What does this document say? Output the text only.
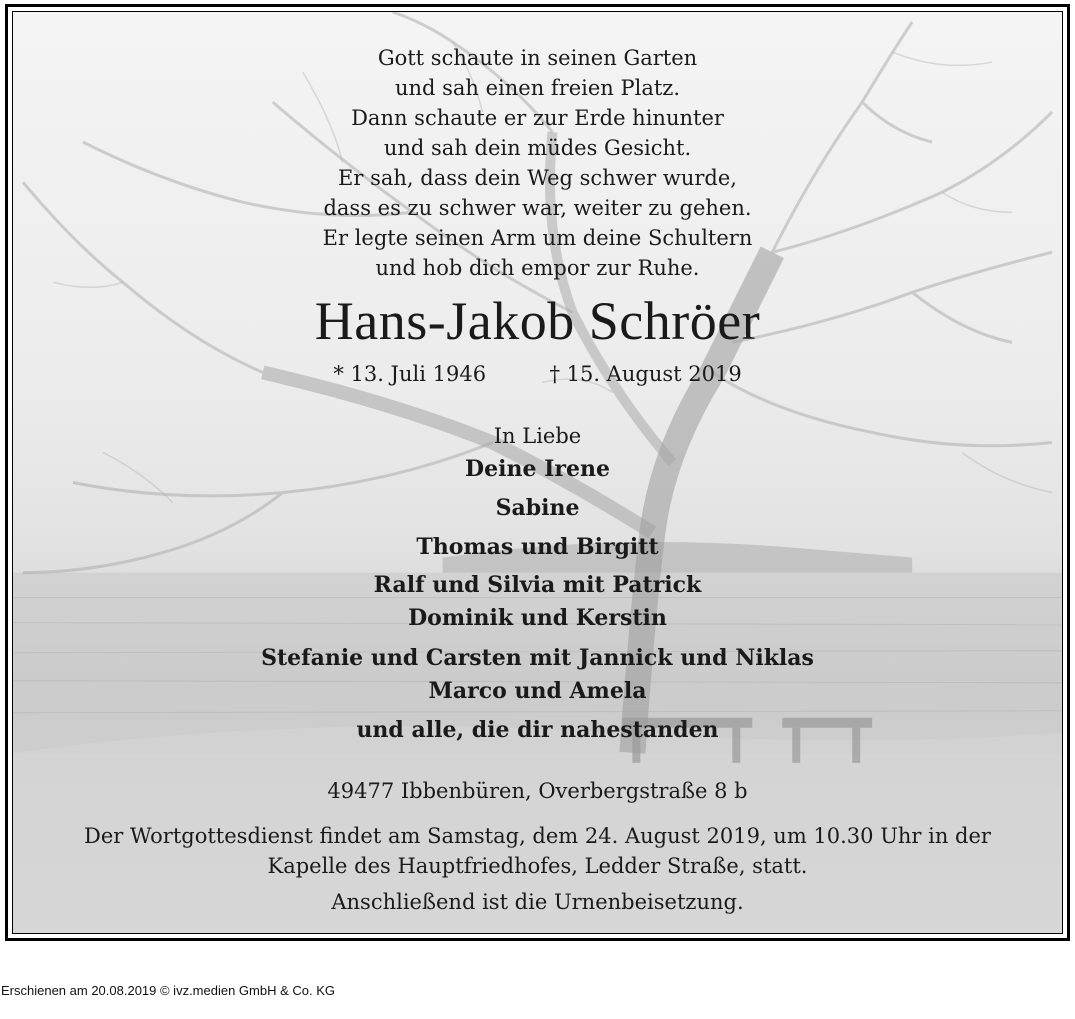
Gott schaute in seinen Garten
und sah einen freien Platz.
Dann schaute er zur Erde hinunter
und sah dein müdes Gesicht.
Er sah, dass dein Weg schwer wurde,
dass es zu schwer war, weiter zu gehen.
Er legte seinen Arm um deine Schultern
und hob dich empor zur Ruhe.
Hans-Jakob Schröer
* 13. Juli 1946	† 15. August 2019
In Liebe
Deine Irene
Sabine
Thomas und Birgitt
Ralf und Silvia mit Patrick
Dominik und Kerstin
Stefanie und Carsten mit Jannick und Niklas
Marco und Amela
und alle, die dir nahestanden
49477 Ibbenbüren, Overbergstraße 8 b
Der Wortgottesdienst findet am Samstag, dem 24. August 2019, um 10.30 Uhr in der
Kapelle des Hauptfriedhofes, Ledder Straße, statt.
Anschließend ist die Urnenbeisetzung.
Erschienen am 20.08.2019 © ivz.medien GmbH & Co. KG
